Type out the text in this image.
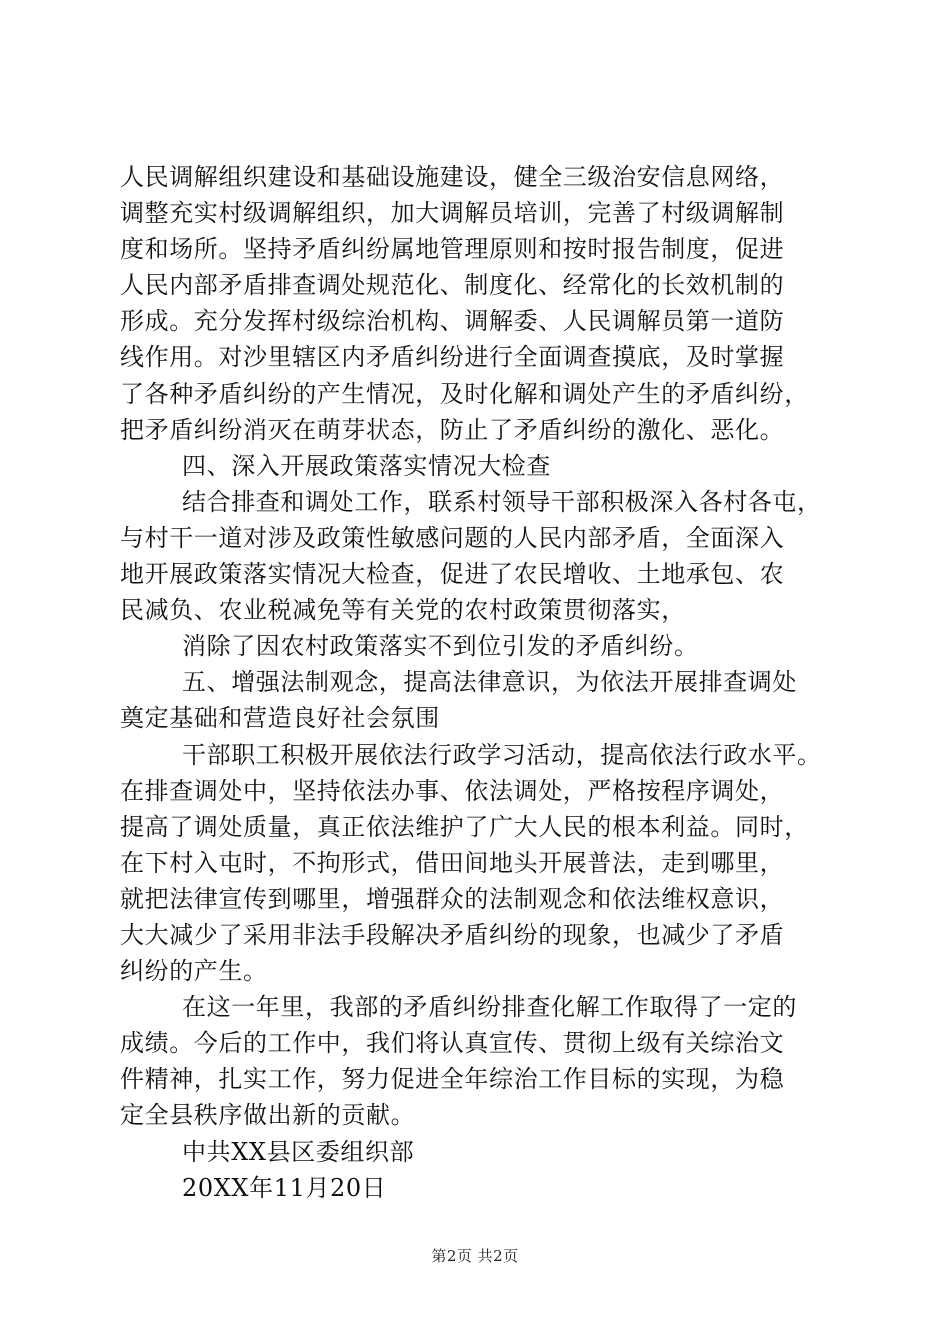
人民调解组织建设和基础设施建设，健全三级治安信息网络，
调整充实村级调解组织，加大调解员培训，完善了村级调解制
度和场所。坚持矛盾纠纷属地管理原则和按时报告制度，促进
人民内部矛盾排查调处规范化、制度化、经常化的长效机制的
形成。充分发挥村级综治机构、调解委、人民调解员第一道防
线作用。对沙里辖区内矛盾纠纷进行全面调查摸底，及时掌握
了各种矛盾纠纷的产生情况，及时化解和调处产生的矛盾纠纷，
把矛盾纠纷消灭在萌芽状态，防止了矛盾纠纷的激化、恶化。
四、深入开展政策落实情况大检查
结合排查和调处工作，联系村领导干部积极深入各村各屯，
与村干一道对涉及政策性敏感问题的人民内部矛盾，全面深入
地开展政策落实情况大检查，促进了农民增收、土地承包、农
民减负、农业税减免等有关党的农村政策贯彻落实，
消除了因农村政策落实不到位引发的矛盾纠纷。
五、增强法制观念，提高法律意识，为依法开展排查调处
奠定基础和营造良好社会氛围
干部职工积极开展依法行政学习活动，提高依法行政水平。
在排查调处中，坚持依法办事、依法调处，严格按程序调处，
提高了调处质量，真正依法维护了广大人民的根本利益。同时，
在下村入屯时，不拘形式，借田间地头开展普法，走到哪里，
就把法律宣传到哪里，增强群众的法制观念和依法维权意识，
大大减少了采用非法手段解决矛盾纠纷的现象，也减少了矛盾
纠纷的产生。
在这一年里，我部的矛盾纠纷排查化解工作取得了一定的
成绩。今后的工作中，我们将认真宣传、贯彻上级有关综治文
件精神，扎实工作，努力促进全年综治工作目标的实现，为稳
定全县秩序做出新的贡献。
中共XX县区委组织部
20XX年11月20日
第2页 共2页
